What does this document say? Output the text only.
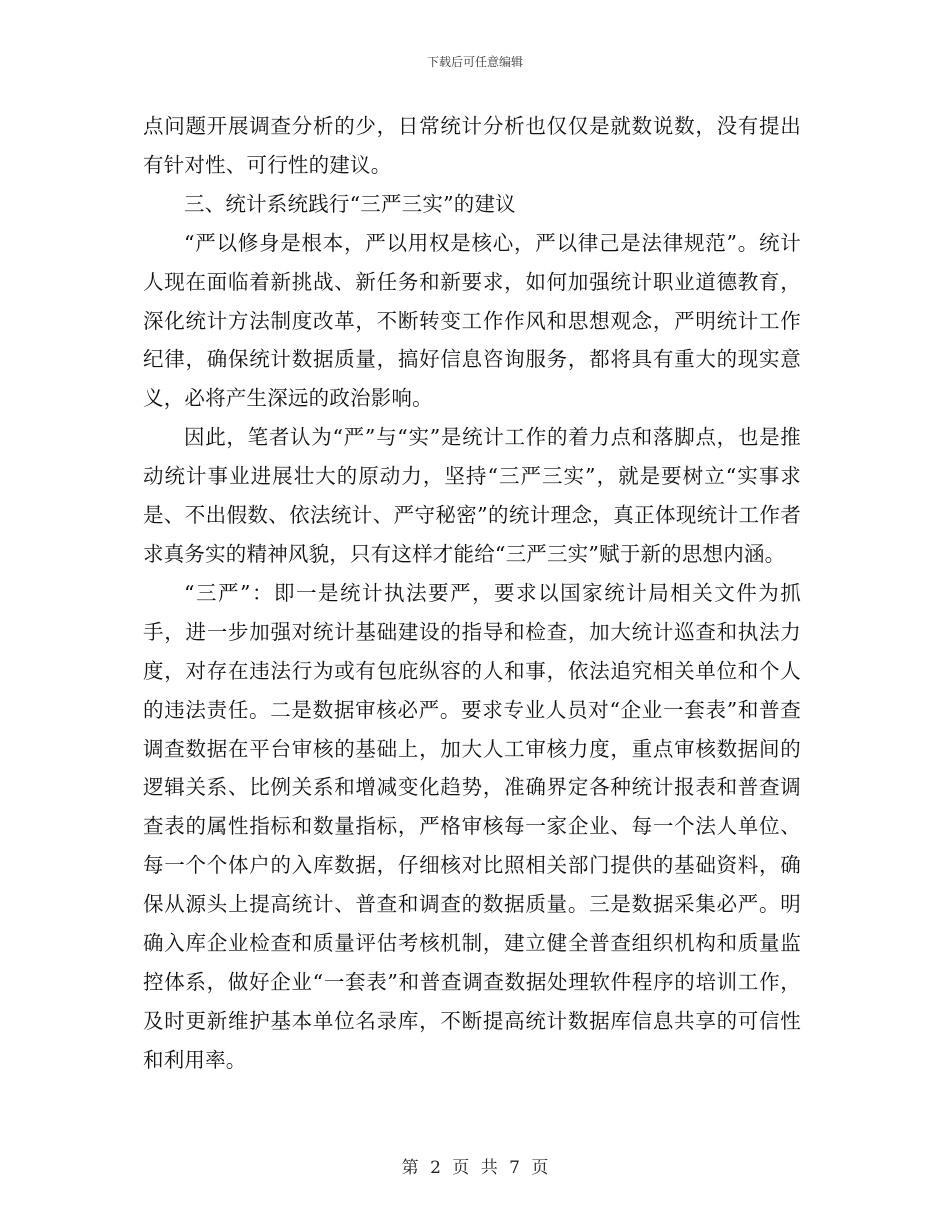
下载后可任意编辑

点问题开展调查分析的少，日常统计分析也仅仅是就数说数，没有提出有针对性、可行性的建议。

三、统计系统践行“三严三实”的建议

“严以修身是根本，严以用权是核心，严以律己是法律规范”。统计人现在面临着新挑战、新任务和新要求，如何加强统计职业道德教育，深化统计方法制度改革，不断转变工作作风和思想观念，严明统计工作纪律，确保统计数据质量，搞好信息咨询服务，都将具有重大的现实意义，必将产生深远的政治影响。

因此，笔者认为“严”与“实”是统计工作的着力点和落脚点，也是推动统计事业进展壮大的原动力，坚持“三严三实”，就是要树立“实事求是、不出假数、依法统计、严守秘密”的统计理念，真正体现统计工作者求真务实的精神风貌，只有这样才能给“三严三实”赋于新的思想内涵。

“三严”：即一是统计执法要严，要求以国家统计局相关文件为抓手，进一步加强对统计基础建设的指导和检查，加大统计巡查和执法力度，对存在违法行为或有包庇纵容的人和事，依法追究相关单位和个人的违法责任。二是数据审核必严。要求专业人员对“企业一套表”和普查调查数据在平台审核的基础上，加大人工审核力度，重点审核数据间的逻辑关系、比例关系和增减变化趋势，准确界定各种统计报表和普查调查表的属性指标和数量指标，严格审核每一家企业、每一个法人单位、每一个个体户的入库数据，仔细核对比照相关部门提供的基础资料，确保从源头上提高统计、普查和调查的数据质量。三是数据采集必严。明确入库企业检查和质量评估考核机制，建立健全普查组织机构和质量监控体系，做好企业“一套表”和普查调查数据处理软件程序的培训工作，及时更新维护基本单位名录库，不断提高统计数据库信息共享的可信性和利用率。

第 2 页 共 7 页
